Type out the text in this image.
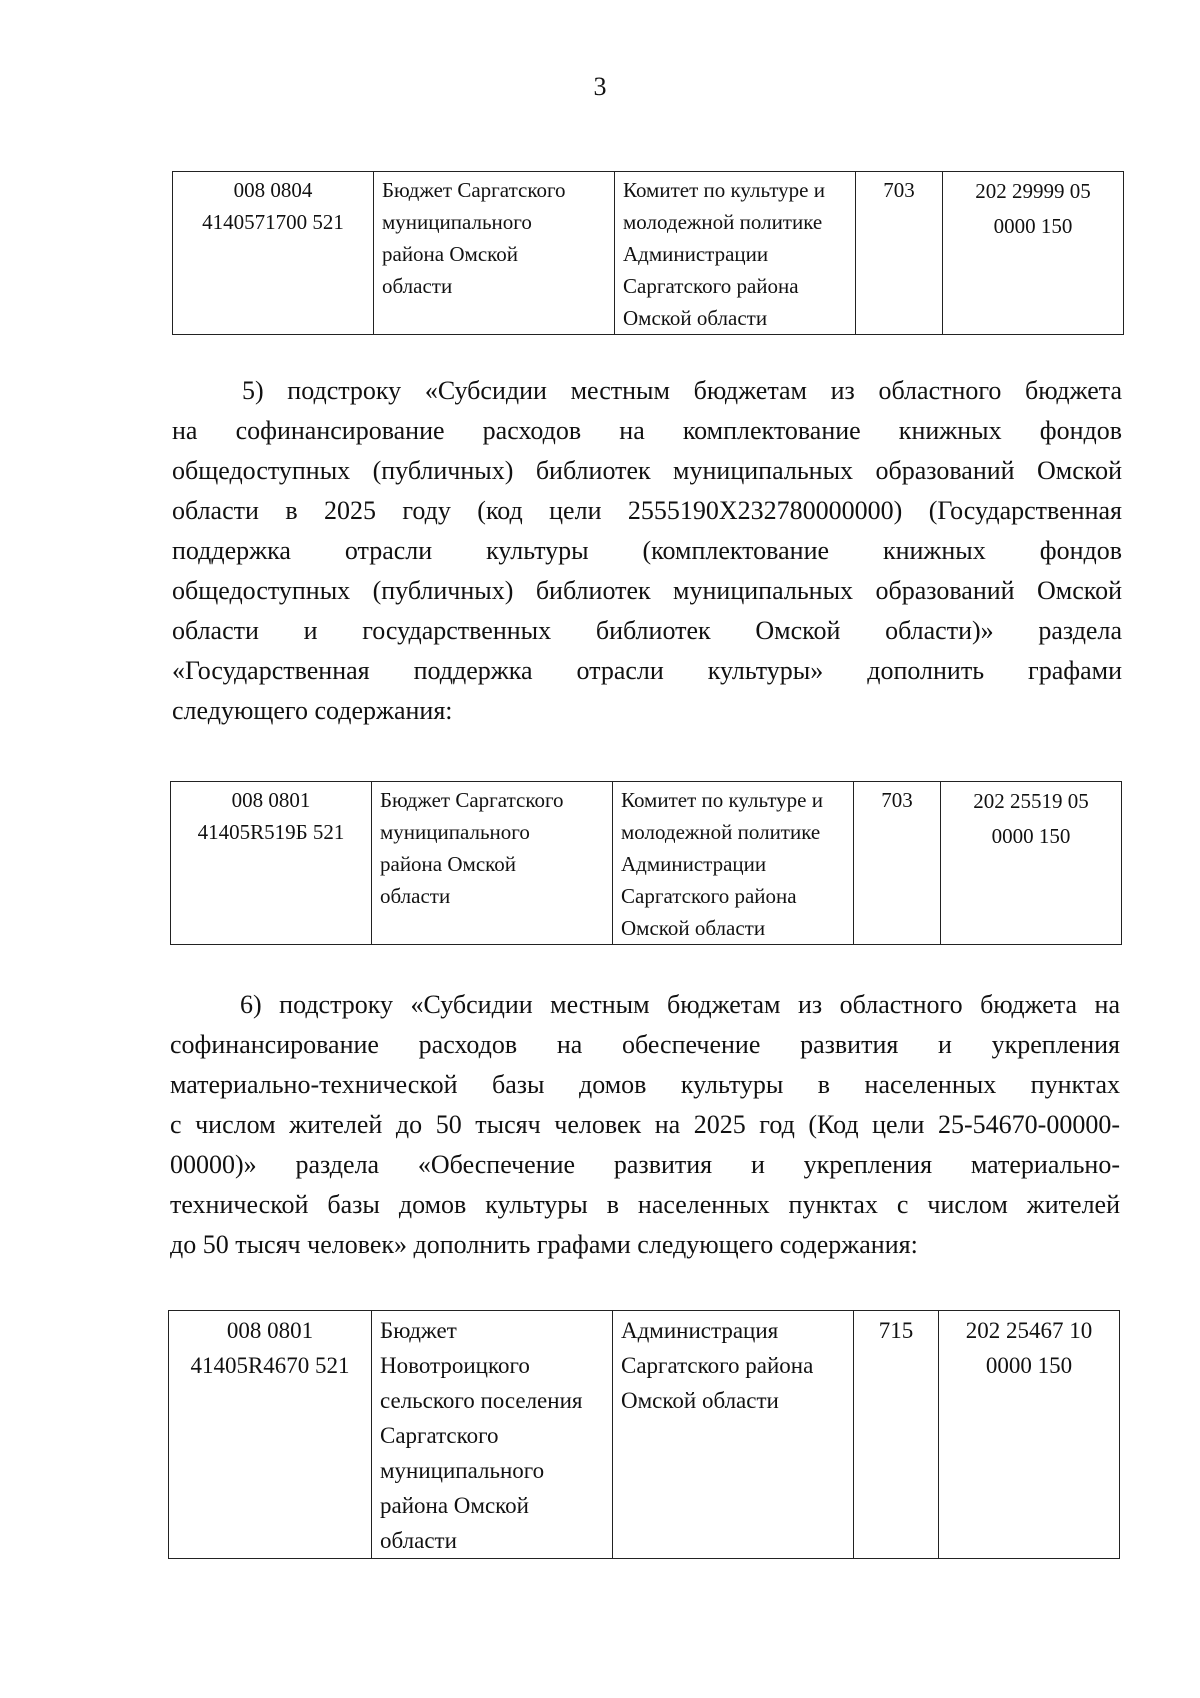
3
008 0804
4140571700 521

Бюджет Саргатского
муниципального
района Омской
области

Комитет по культуре и
молодежной политике
Администрации
Саргатского района
Омской области

703	202 29999 05
0000 150
5) подстроку «Субсидии местным бюджетам из областного бюджета
на софинансирование расходов на комплектование книжных фондов
общедоступных (публичных) библиотек муниципальных образований Омской
области в 2025 году (код цели 2555190X232780000000) (Государственная
поддержка отрасли культуры (комплектование книжных фондов
общедоступных (публичных) библиотек муниципальных образований Омской
области и государственных библиотек Омской области)» раздела
«Государственная поддержка отрасли культуры» дополнить графами
следующего содержания:
008 0801
41405R519Б 521

Бюджет Саргатского
муниципального
района Омской
области

Комитет по культуре и
молодежной политике
Администрации
Саргатского района
Омской области

703	202 25519 05
0000 150
6) подстроку «Субсидии местным бюджетам из областного бюджета на
софинансирование расходов на обеспечение развития и укрепления
материально-технической базы домов культуры в населенных пунктах
с числом жителей до 50 тысяч человек на 2025 год (Код цели 25-54670-00000-
00000)» раздела «Обеспечение развития и укрепления материально-
технической базы домов культуры в населенных пунктах с числом жителей
до 50 тысяч человек» дополнить графами следующего содержания:
008 0801
41405R4670 521

Бюджет
Новотроицкого
сельского поселения
Саргатского
муниципального
района Омской
области

Администрация
Саргатского района
Омской области

715	202 25467 10
0000 150
